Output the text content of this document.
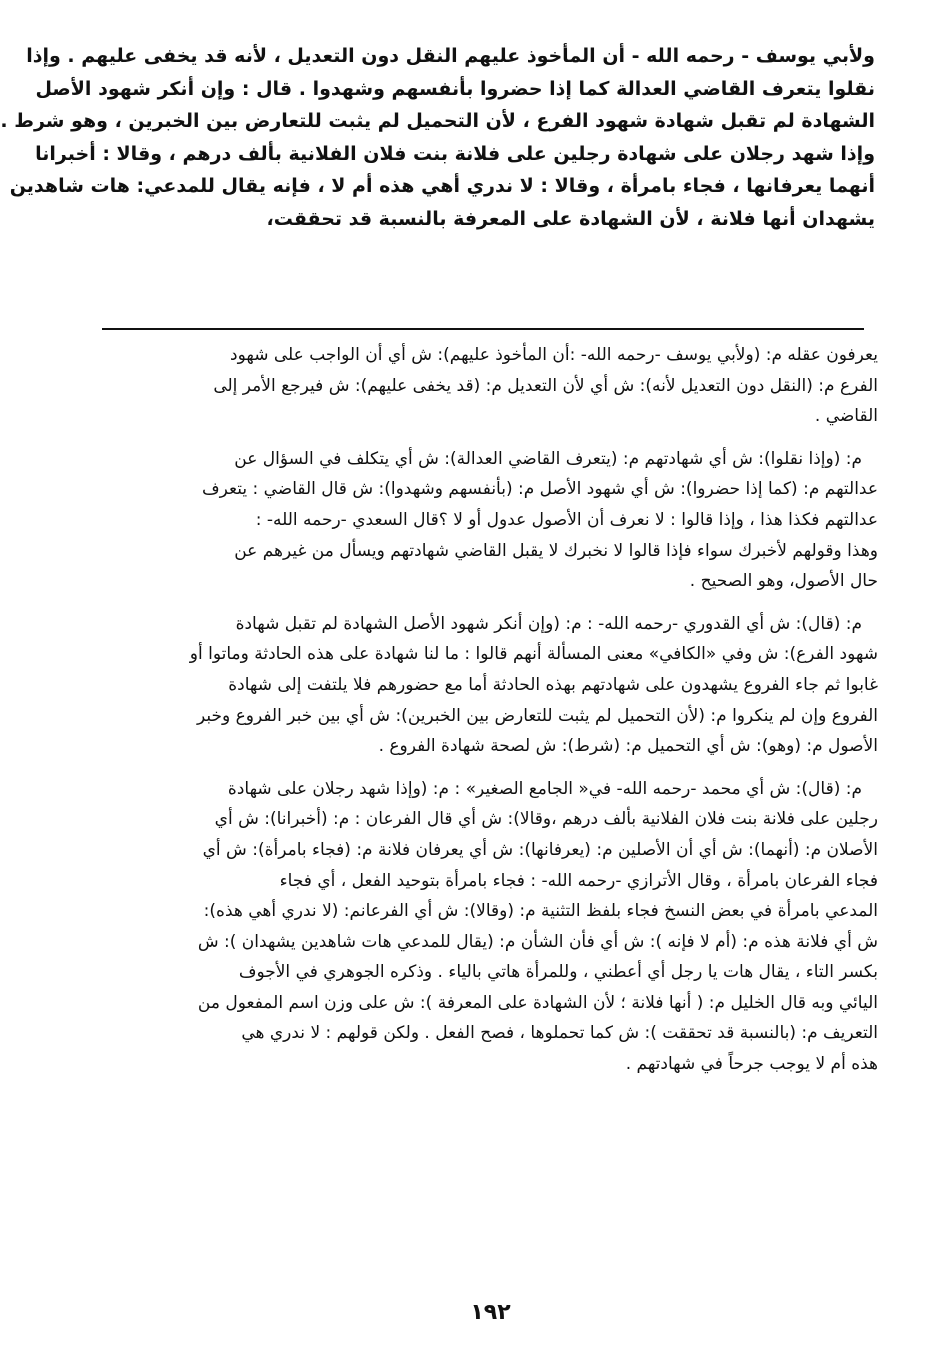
ولأبي يوسف - رحمه الله - أن المأخوذ عليهم النقل دون التعديل ، لأنه قد يخفى عليهم . وإذا
نقلوا يتعرف القاضي العدالة كما إذا حضروا بأنفسهم وشهدوا . قال : وإن أنكر شهود الأصل
الشهادة لم تقبل شهادة شهود الفرع ، لأن التحميل لم يثبت للتعارض بين الخبرين ، وهو شرط .
وإذا شهد رجلان على شهادة رجلين على فلانة بنت فلان الفلانية بألف درهم ، وقالا : أخبرانا
أنهما يعرفانها ، فجاء بامرأة ، وقالا : لا ندري أهي هذه أم لا ، فإنه يقال للمدعي: هات شاهدين
يشهدان أنها فلانة ، لأن الشهادة على المعرفة بالنسبة قد تحققت،
يعرفون عقله م: (ولأبي يوسف -رحمه الله- :أن المأخوذ عليهم): ش أي أن الواجب على شهود
الفرع م: (النقل دون التعديل لأنه): ش أي لأن التعديل م: (قد يخفى عليهم): ش فيرجع الأمر إلى
القاضي .
م: (وإذا نقلوا): ش أي شهادتهم م: (يتعرف القاضي العدالة): ش أي يتكلف في السؤال عن
عدالتهم م: (كما إذا حضروا): ش أي شهود الأصل م: (بأنفسهم وشهدوا): ش قال القاضي : يتعرف
عدالتهم فكذا هذا ، وإذا قالوا : لا نعرف أن الأصول عدول أو لا ؟قال السعدي -رحمه الله- :
وهذا وقولهم لأخبرك سواء فإذا قالوا لا نخبرك لا يقبل القاضي شهادتهم ويسأل من غيرهم عن
حال الأصول، وهو الصحيح .
م: (قال): ش أي القدوري -رحمه الله- : م: (وإن أنكر شهود الأصل الشهادة لم تقبل شهادة
شهود الفرع): ش وفي «الكافي» معنى المسألة أنهم قالوا : ما لنا شهادة على هذه الحادثة وماتوا أو
غابوا ثم جاء الفروع يشهدون على شهادتهم بهذه الحادثة أما مع حضورهم فلا يلتفت إلى شهادة
الفروع وإن لم ينكروا م: (لأن التحميل لم يثبت للتعارض بين الخبرين): ش أي بين خبر الفروع وخبر
الأصول م: (وهو): ش أي التحميل م: (شرط): ش لصحة شهادة الفروع .
م: (قال): ش أي محمد -رحمه الله- في« الجامع الصغير» : م: (وإذا شهد رجلان على شهادة
رجلين على فلانة بنت فلان الفلانية بألف درهم ،وقالا): ش أي قال الفرعان : م: (أخبرانا): ش أي
الأصلان م: (أنهما): ش أي أن الأصلين م: (يعرفانها): ش أي يعرفان فلانة م: (فجاء بامرأة): ش أي
فجاء الفرعان بامرأة ، وقال الأترازي -رحمه الله- : فجاء بامرأة بتوحيد الفعل ، أي فجاء
المدعي بامرأة في بعض النسخ فجاء بلفظ التثنية م: (وقالا): ش أي الفرعانم: (لا ندري أهي هذه):
ش أي فلانة هذه م: (أم لا فإنه ): ش أي فأن الشأن م: (يقال للمدعي هات شاهدين يشهدان ): ش
بكسر التاء ، يقال هات يا رجل أي أعطني ، وللمرأة هاتي بالياء . وذكره الجوهري في الأجوف
اليائي وبه قال الخليل م: ( أنها فلانة ؛ لأن الشهادة على المعرفة ): ش على وزن اسم المفعول من
التعريف م: (بالنسبة قد تحققت ): ش كما تحملوها ، فصح الفعل . ولكن قولهم : لا ندري هي
هذه أم لا يوجب جرحاً في شهادتهم .
١٩٢
